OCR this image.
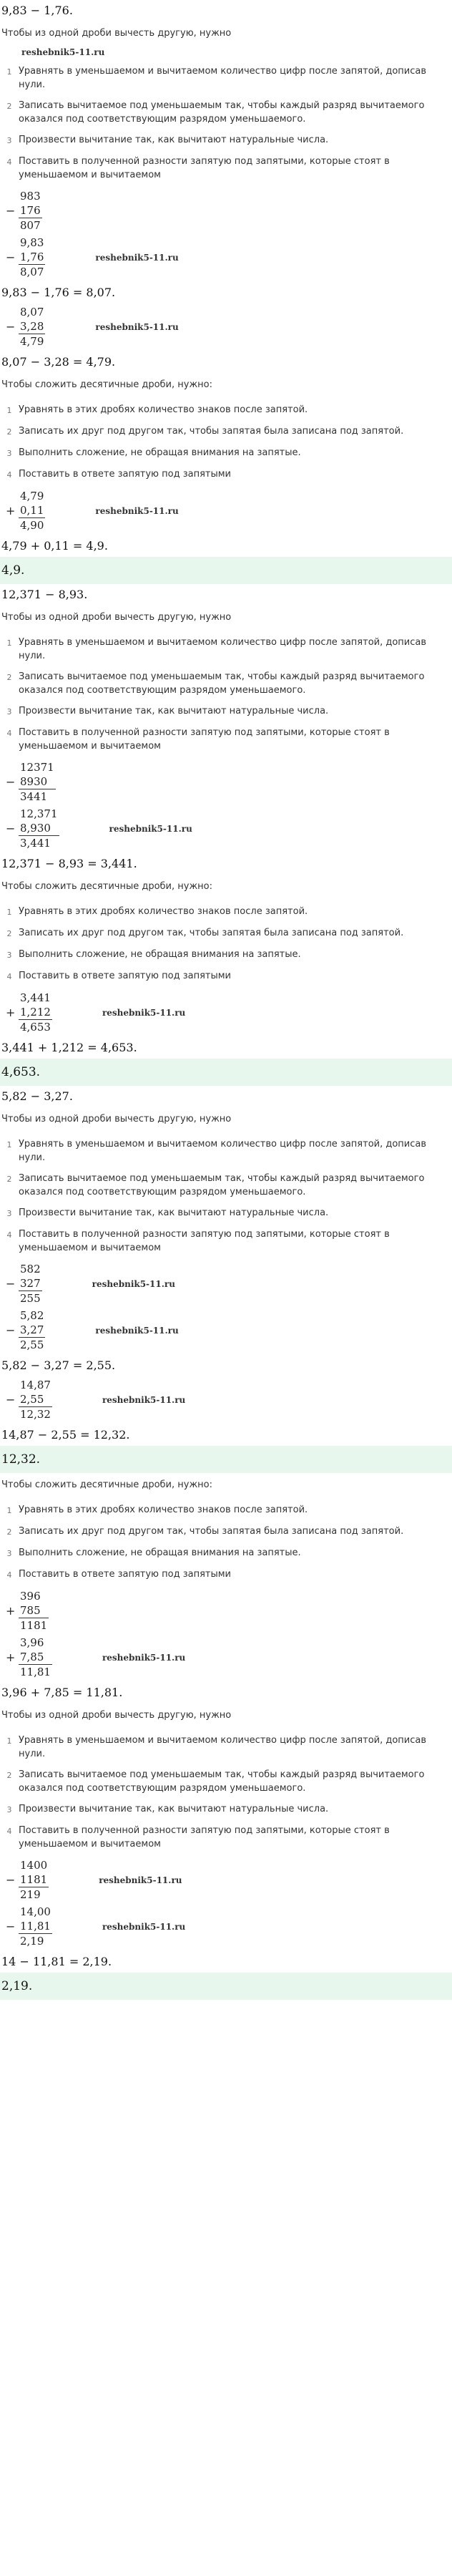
9,83 − 1,76.
Чтобы из одной дроби вычесть другую, нужно
reshebnik5-11.ru
1 Уравнять в уменьшаемом и вычитаемом количество цифр после запятой, дописав нули.
2 Записать вычитаемое под уменьшаемым так, чтобы каждый разряд вычитаемого оказался под соответствующим разрядом уменьшаемого.
3 Произвести вычитание так, как вычитают натуральные числа.
4 Поставить в полученной разности запятую под запятыми, которые стоят в уменьшаемом и вычитаемом
−
983
176
807
−
9,83
1,76
8,07
reshebnik5-11.ru
9,83 − 1,76 = 8,07.
−
8,07
3,28
4,79
reshebnik5-11.ru
8,07 − 3,28 = 4,79.
Чтобы сложить десятичные дроби, нужно:
1 Уравнять в этих дробях количество знаков после запятой.
2 Записать их друг под другом так, чтобы запятая была записана под запятой.
3 Выполнить сложение, не обращая внимания на запятые.
4 Поставить в ответе запятую под запятыми
+
4,79
0,11
4,90
reshebnik5-11.ru
4,79 + 0,11 = 4,9.
4,9.
12,371 − 8,93.
Чтобы из одной дроби вычесть другую, нужно
1 Уравнять в уменьшаемом и вычитаемом количество цифр после запятой, дописав нули.
2 Записать вычитаемое под уменьшаемым так, чтобы каждый разряд вычитаемого оказался под соответствующим разрядом уменьшаемого.
3 Произвести вычитание так, как вычитают натуральные числа.
4 Поставить в полученной разности запятую под запятыми, которые стоят в уменьшаемом и вычитаемом
−
12371
8930
3441
−
12,371
8,930
3,441
reshebnik5-11.ru
12,371 − 8,93 = 3,441.
Чтобы сложить десятичные дроби, нужно:
1 Уравнять в этих дробях количество знаков после запятой.
2 Записать их друг под другом так, чтобы запятая была записана под запятой.
3 Выполнить сложение, не обращая внимания на запятые.
4 Поставить в ответе запятую под запятыми
+
3,441
1,212
4,653
reshebnik5-11.ru
3,441 + 1,212 = 4,653.
4,653.
5,82 − 3,27.
Чтобы из одной дроби вычесть другую, нужно
1 Уравнять в уменьшаемом и вычитаемом количество цифр после запятой, дописав нули.
2 Записать вычитаемое под уменьшаемым так, чтобы каждый разряд вычитаемого оказался под соответствующим разрядом уменьшаемого.
3 Произвести вычитание так, как вычитают натуральные числа.
4 Поставить в полученной разности запятую под запятыми, которые стоят в уменьшаемом и вычитаемом
−
582
327
255
reshebnik5-11.ru
−
5,82
3,27
2,55
reshebnik5-11.ru
5,82 − 3,27 = 2,55.
−
14,87
2,55
12,32
reshebnik5-11.ru
14,87 − 2,55 = 12,32.
12,32.
Чтобы сложить десятичные дроби, нужно:
1 Уравнять в этих дробях количество знаков после запятой.
2 Записать их друг под другом так, чтобы запятая была записана под запятой.
3 Выполнить сложение, не обращая внимания на запятые.
4 Поставить в ответе запятую под запятыми
+
396
785
1181
+
3,96
7,85
11,81
reshebnik5-11.ru
3,96 + 7,85 = 11,81.
Чтобы из одной дроби вычесть другую, нужно
1 Уравнять в уменьшаемом и вычитаемом количество цифр после запятой, дописав нули.
2 Записать вычитаемое под уменьшаемым так, чтобы каждый разряд вычитаемого оказался под соответствующим разрядом уменьшаемого.
3 Произвести вычитание так, как вычитают натуральные числа.
4 Поставить в полученной разности запятую под запятыми, которые стоят в уменьшаемом и вычитаемом
−
1400
1181
219
reshebnik5-11.ru
−
14,00
11,81
2,19
reshebnik5-11.ru
14 − 11,81 = 2,19.
2,19.
